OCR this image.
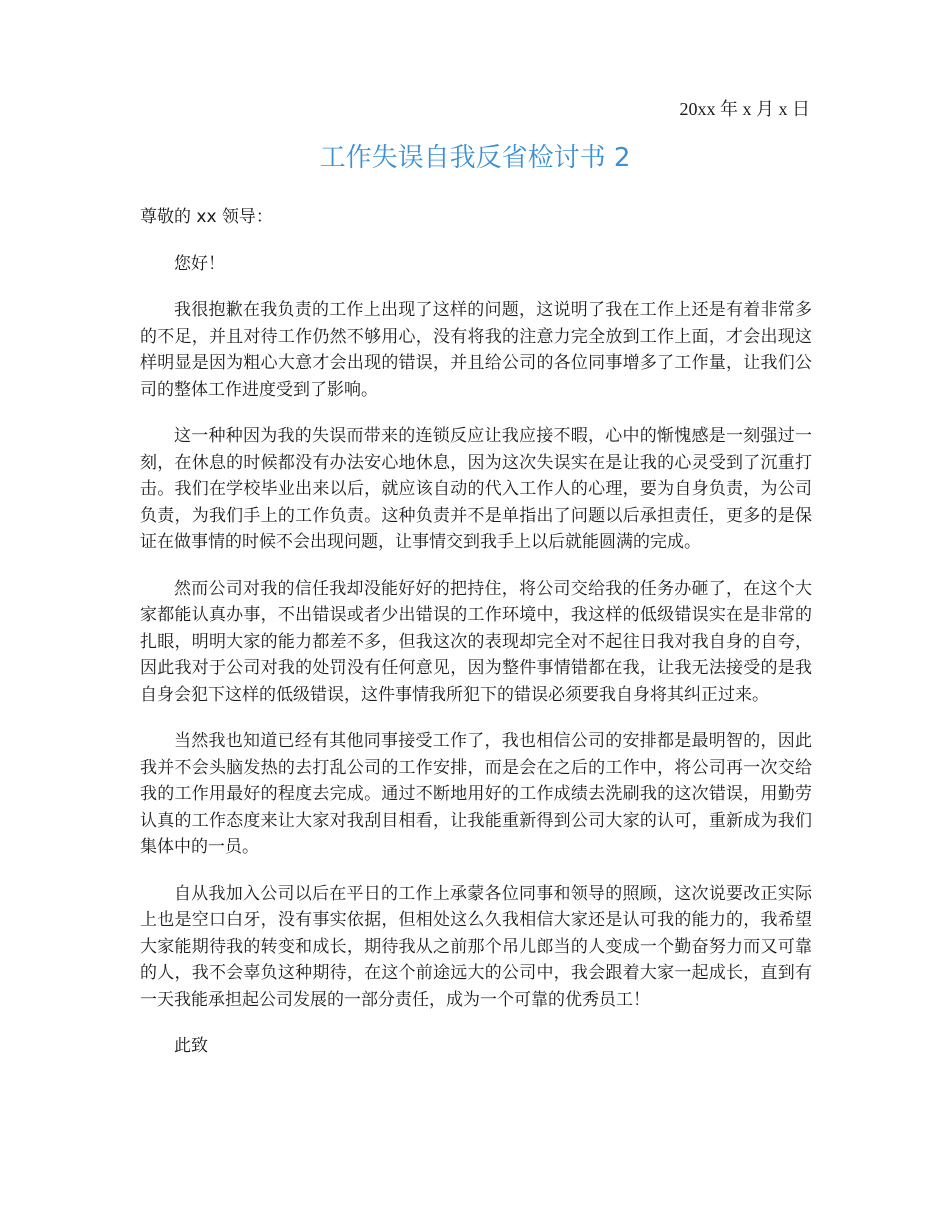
20xx 年 x 月 x 日
工作失误自我反省检讨书 2

尊敬的 xx 领导：

您好！

我很抱歉在我负责的工作上出现了这样的问题，这说明了我在工作上还是有着非常多的不足，并且对待工作仍然不够用心，没有将我的注意力完全放到工作上面，才会出现这样明显是因为粗心大意才会出现的错误，并且给公司的各位同事增多了工作量，让我们公司的整体工作进度受到了影响。

这一种种因为我的失误而带来的连锁反应让我应接不暇，心中的惭愧感是一刻强过一刻，在休息的时候都没有办法安心地休息，因为这次失误实在是让我的心灵受到了沉重打击。我们在学校毕业出来以后，就应该自动的代入工作人的心理，要为自身负责，为公司负责，为我们手上的工作负责。这种负责并不是单指出了问题以后承担责任，更多的是保证在做事情的时候不会出现问题，让事情交到我手上以后就能圆满的完成。

然而公司对我的信任我却没能好好的把持住，将公司交给我的任务办砸了，在这个大家都能认真办事，不出错误或者少出错误的工作环境中，我这样的低级错误实在是非常的扎眼，明明大家的能力都差不多，但我这次的表现却完全对不起往日我对我自身的自夸，因此我对于公司对我的处罚没有任何意见，因为整件事情错都在我，让我无法接受的是我自身会犯下这样的低级错误，这件事情我所犯下的错误必须要我自身将其纠正过来。

当然我也知道已经有其他同事接受工作了，我也相信公司的安排都是最明智的，因此我并不会头脑发热的去打乱公司的工作安排，而是会在之后的工作中，将公司再一次交给我的工作用最好的程度去完成。通过不断地用好的工作成绩去洗刷我的这次错误，用勤劳认真的工作态度来让大家对我刮目相看，让我能重新得到公司大家的认可，重新成为我们集体中的一员。

自从我加入公司以后在平日的工作上承蒙各位同事和领导的照顾，这次说要改正实际上也是空口白牙，没有事实依据，但相处这么久我相信大家还是认可我的能力的，我希望大家能期待我的转变和成长，期待我从之前那个吊儿郎当的人变成一个勤奋努力而又可靠的人，我不会辜负这种期待，在这个前途远大的公司中，我会跟着大家一起成长，直到有一天我能承担起公司发展的一部分责任，成为一个可靠的优秀员工！

此致
